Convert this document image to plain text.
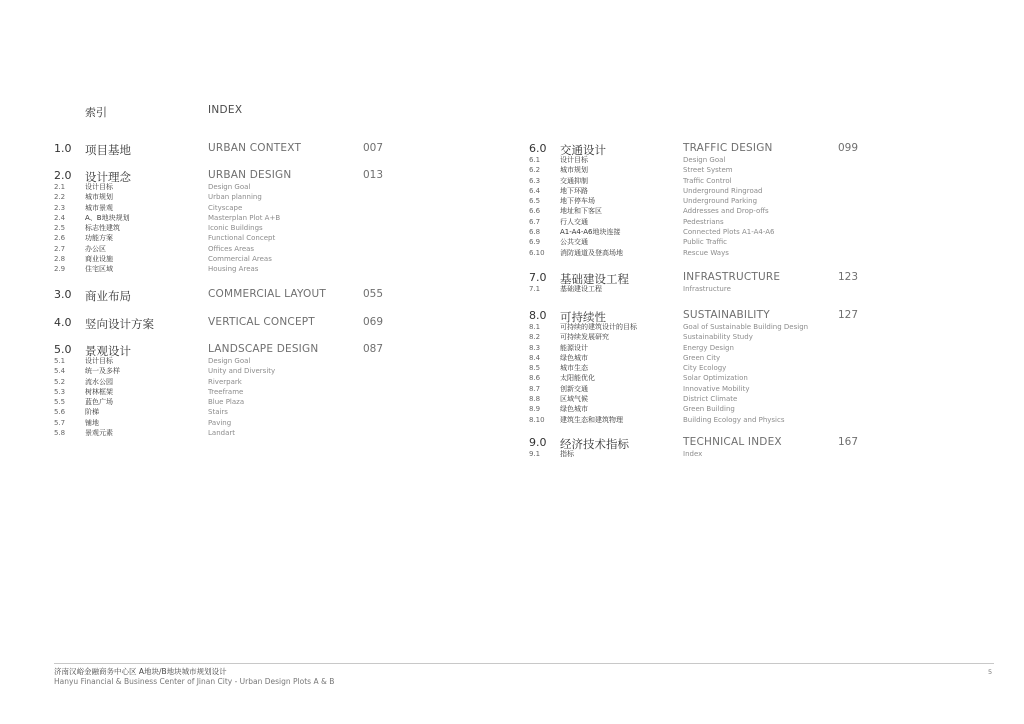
索引	INDEX
1.0 项目基地	URBAN CONTEXT	007
2.0 设计理念	URBAN DESIGN	013
2.1	设计目标	Design Goal
2.2	城市规划	Urban planning
2.3	城市景观	Cityscape
2.4	A、B地块规划	Masterplan Plot A+B
2.5	标志性建筑	Iconic Buildings
2.6	功能方案	Functional Concept
2.7	办公区	Offices Areas
2.8	商业设施	Commercial Areas
2.9	住宅区域	Housing Areas
3.0 商业布局	COMMERCIAL LAYOUT	055
4.0 竖向设计方案	VERTICAL CONCEPT	069
5.0 景观设计	LANDSCAPE DESIGN	087
5.1	设计目标	Design Goal
5.4	统一及多样	Unity and Diversity
5.2	流水公园	Riverpark
5.3	树林框架	Treeframe
5.5	蓝色广场	Blue Plaza
5.6	阶梯	Stairs
5.7	铺地	Paving
5.8	景观元素	Landart
6.0 交通设计	TRAFFIC DESIGN	099
6.1	设计目标	Design Goal
6.2	城市规划	Street System
6.3	交通抑制	Traffic Control
6.4	地下环路	Underground Ringroad
6.5	地下停车场	Underground Parking
6.6	地址和下客区	Addresses and Drop-offs
6.7	行人交通	Pedestrians
6.8	A1-A4-A6地块连接	Connected Plots A1-A4-A6
6.9	公共交通	Public Traffic
6.10 消防通道及登高场地	Rescue Ways
7.0 基础建设工程	INFRASTRUCTURE	123
7.1	基础建设工程	Infrastructure
8.0 可持续性	SUSTAINABILITY	127
8.1	可持续的建筑设计的目标	Goal of Sustainable Building Design
8.2	可持续发展研究	Sustainability Study
8.3	能源设计	Energy Design
8.4	绿色城市	Green City
8.5	城市生态	City Ecology
8.6	太阳能优化	Solar Optimization
8.7	创新交通	Innovative Mobility
8.8	区域气候	District Climate
8.9	绿色城市	Green Building
8.10 建筑生态和建筑物理	Building Ecology and Physics
9.0 经济技术指标	TECHNICAL INDEX	167
9.1	指标	Index
济南汉峪金融商务中心区 A地块/B地块城市规划设计
Hanyu Financial & Business Center of Jinan City - Urban Design Plots A & B
5
